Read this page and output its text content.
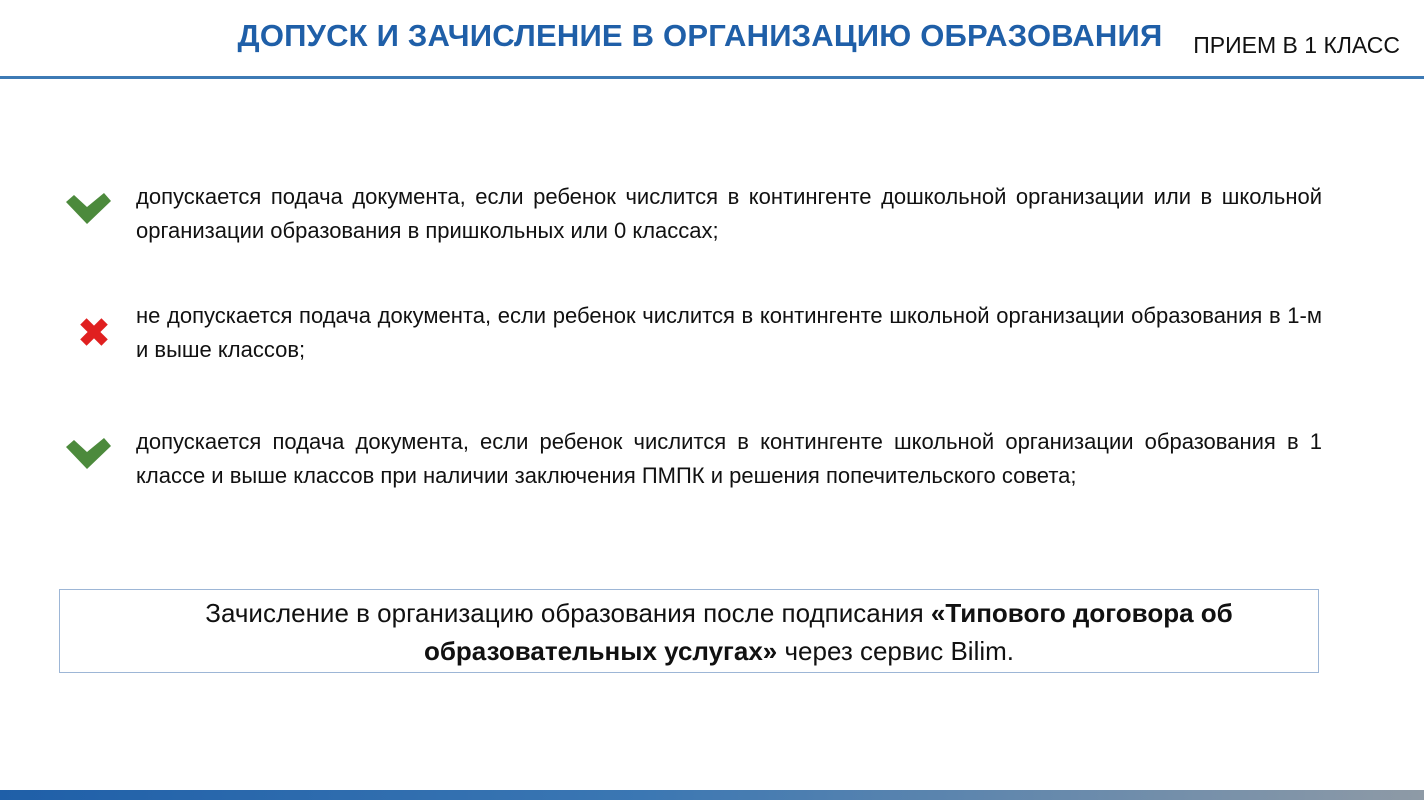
ДОПУСК И ЗАЧИСЛЕНИЕ В ОРГАНИЗАЦИЮ ОБРАЗОВАНИЯ	ПРИЕМ В 1 КЛАСС
допускается подача документа, если ребенок числится в контингенте дошкольной организации или в школьной организации образования в пришкольных или 0 классах;
не допускается подача документа, если ребенок числится в контингенте школьной организации образования в 1-м и выше классов;
допускается подача документа, если ребенок числится в контингенте школьной организации образования в 1 классе и выше классов при наличии заключения ПМПК и решения попечительского совета;
Зачисление в организацию образования после подписания «Типового договора об образовательных услугах» через сервис Bilim.
